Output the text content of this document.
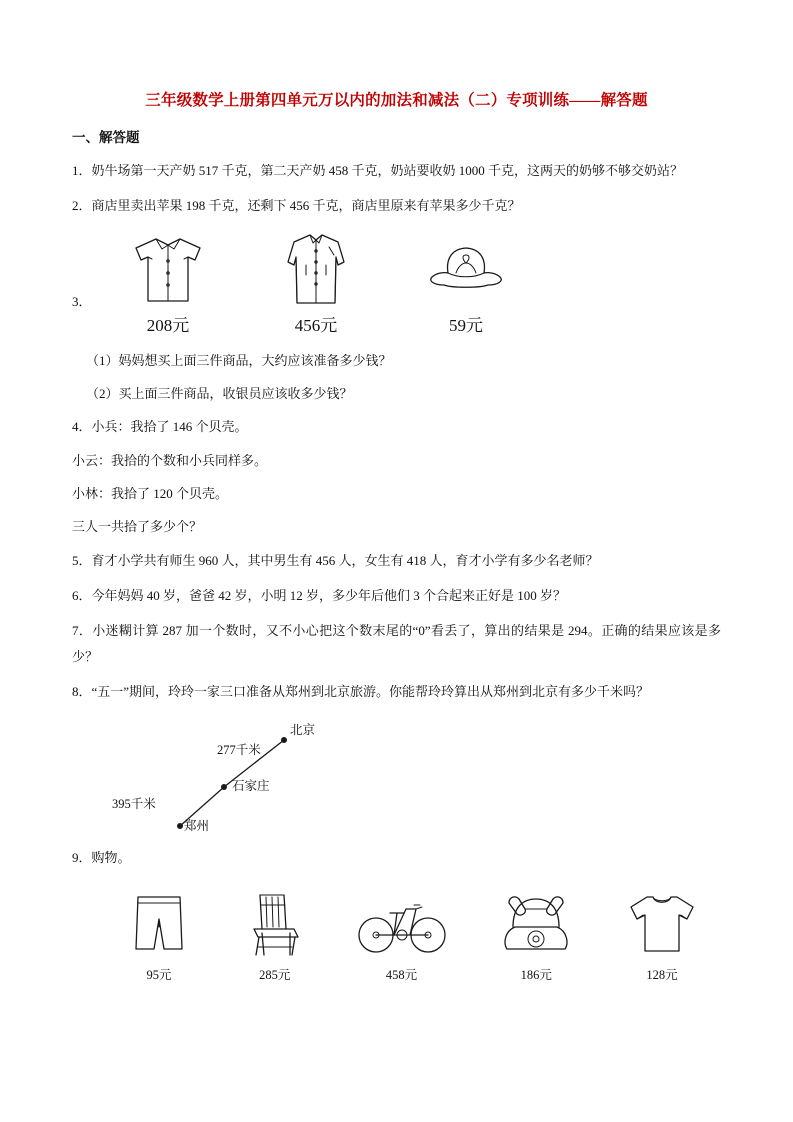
三年级数学上册第四单元万以内的加法和减法（二）专项训练——解答题
一、解答题

1．奶牛场第一天产奶 517 千克，第二天产奶 458 千克，奶站要收奶 1000 千克，这两天的奶够不够交奶站？

2．商店里卖出苹果 198 千克，还剩下 456 千克，商店里原来有苹果多少千克？

3．
208元	456元	59元

（1）妈妈想买上面三件商品，大约应该准备多少钱？

（2）买上面三件商品，收银员应该收多少钱？

4．小兵：我拾了 146 个贝壳。

小云：我拾的个数和小兵同样多。

小林：我拾了 120 个贝壳。

三人一共拾了多少个？

5．育才小学共有师生 960 人，其中男生有 456 人，女生有 418 人，育才小学有多少名老师？

6．今年妈妈 40 岁，爸爸 42 岁，小明 12 岁，多少年后他们 3 个合起来正好是 100 岁？

7．小迷糊计算 287 加一个数时，又不小心把这个数末尾的“0”看丢了，算出的结果是 294。正确的结果应该是多少？

8．“五一”期间，玲玲一家三口准备从郑州到北京旅游。你能帮玲玲算出从郑州到北京有多少千米吗？

北京
277千米
石家庄
395千米
郑州

9．购物。

95元	285元	458元	186元	128元
